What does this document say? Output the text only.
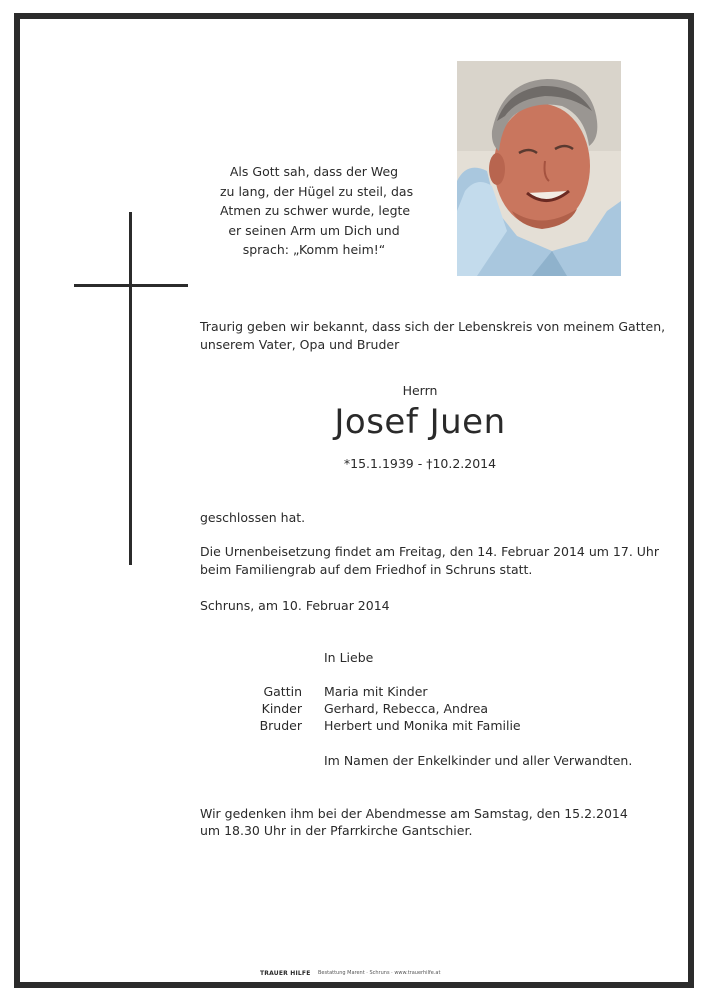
Als Gott sah, dass der Weg
zu lang, der Hügel zu steil, das
Atmen zu schwer wurde, legte
er seinen Arm um Dich und
sprach: „Komm heim!“
Traurig geben wir bekannt, dass sich der Lebenskreis von meinem Gatten,
unserem Vater, Opa und Bruder
Herrn
Josef Juen
*15.1.1939 - †10.2.2014
geschlossen hat.
Die Urnenbeisetzung findet am Freitag, den 14. Februar 2014 um 17. Uhr
beim Familiengrab auf dem Friedhof in Schruns statt.
Schruns, am 10. Februar 2014
In Liebe
Gattin Maria mit Kinder
Kinder Gerhard, Rebecca, Andrea
Bruder Herbert und Monika mit Familie
Im Namen der Enkelkinder und aller Verwandten.
Wir gedenken ihm bei der Abendmesse am Samstag, den 15.2.2014
um 18.30 Uhr in der Pfarrkirche Gantschier.
TRAUER HILFE Bestattung Marent · Schruns · www.trauerhilfe.at
